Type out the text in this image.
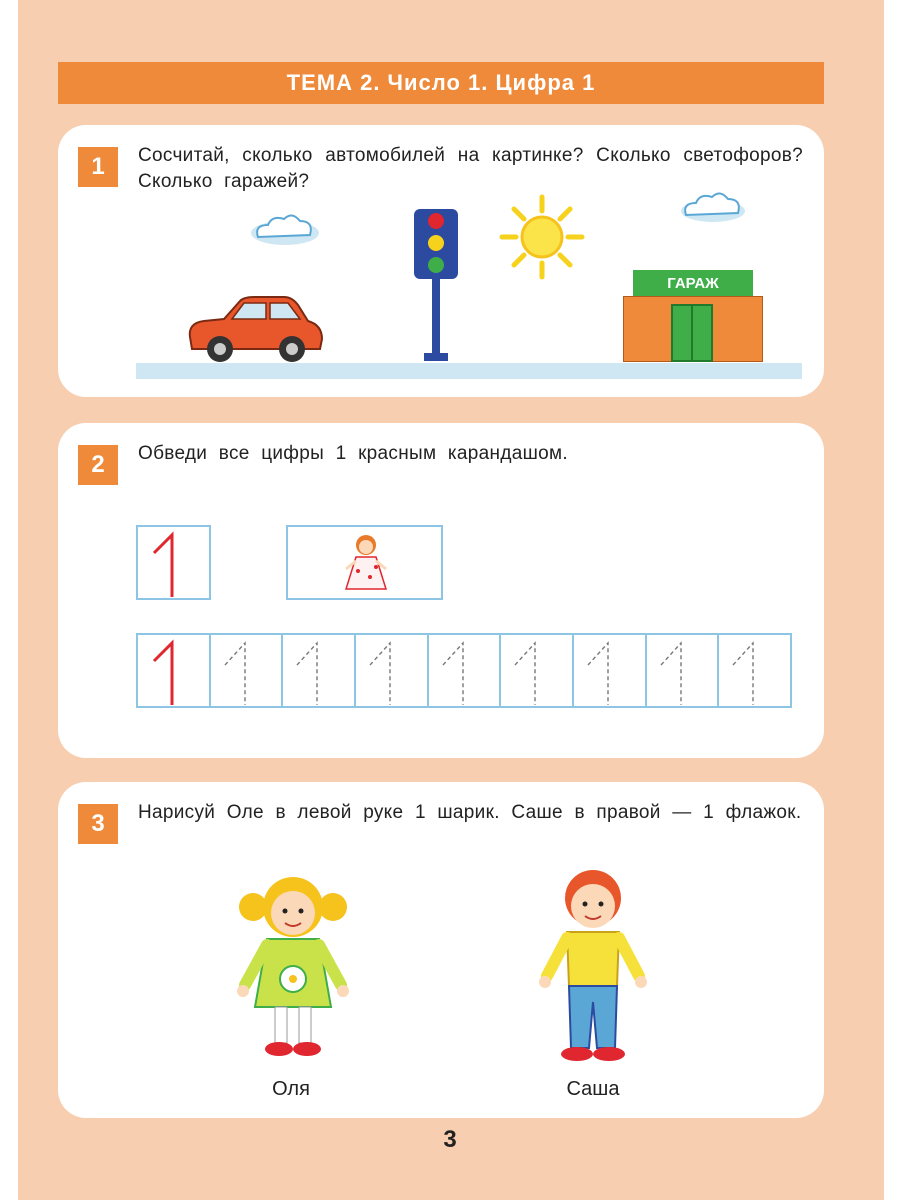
ТЕМА 2. Число 1. Цифра 1
1	Сосчитай, сколько автомобилей на картинке? Сколько светофоров? Сколько гаражей?
ГАРАЖ
2	Обведи все цифры 1 красным карандашом.
3	Нарисуй Оле в левой руке 1 шарик. Саше в правой — 1 флажок.
Оля	Саша
3
